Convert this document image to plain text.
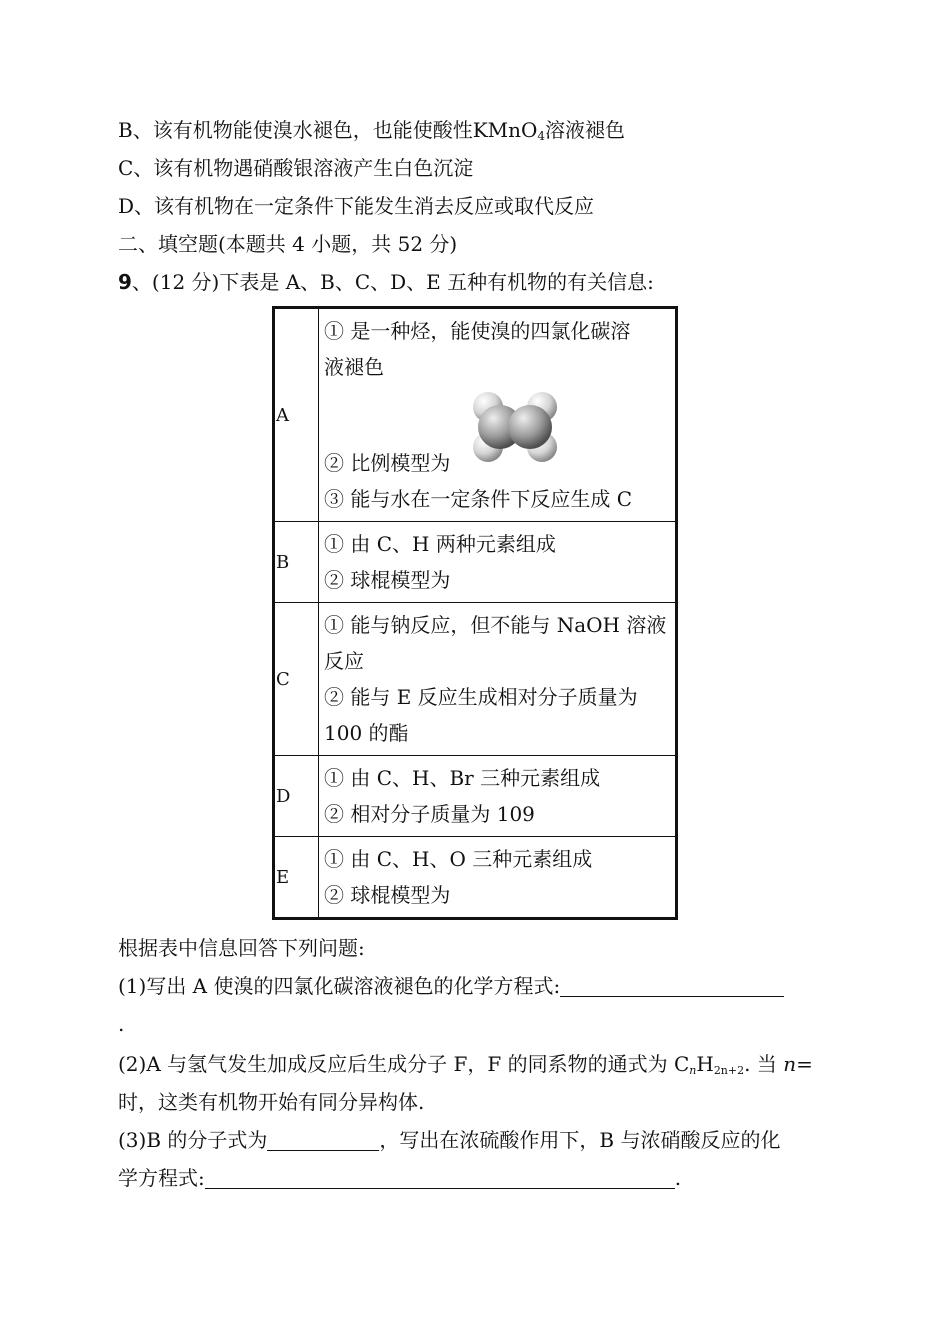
B、该有机物能使溴水褪色，也能使酸性KMnO$_4$溶液褪色
C、该有机物遇硝酸银溶液产生白色沉淀
D、该有机物在一定条件下能发生消去反应或取代反应
二、填空题(本题共 4 小题，共 52 分)
9、(12 分)下表是 A、B、C、D、E 五种有机物的有关信息:
A	① 是一种烃，能使溴的四氯化碳溶
液褪色
② 比例模型为
③ 能与水在一定条件下反应生成 C

B	① 由 C、H 两种元素组成
② 球棍模型为

C	① 能与钠反应，但不能与 NaOH 溶液
反应
② 能与 E 反应生成相对分子质量为
100 的酯

D	① 由 C、H、Br 三种元素组成
② 相对分子质量为 109

E	① 由 C、H、O 三种元素组成
② 球棍模型为
根据表中信息回答下列问题:
(1)写出 A 使溴的四氯化碳溶液褪色的化学方程式:
.
(2)A 与氢气发生加成反应后生成分子 F，F 的同系物的通式为 CnH2n+2. 当 n=
时，这类有机物开始有同分异构体.
(3)B 的分子式为	，写出在浓硫酸作用下，B 与浓硝酸反应的化
学方程式:	.
